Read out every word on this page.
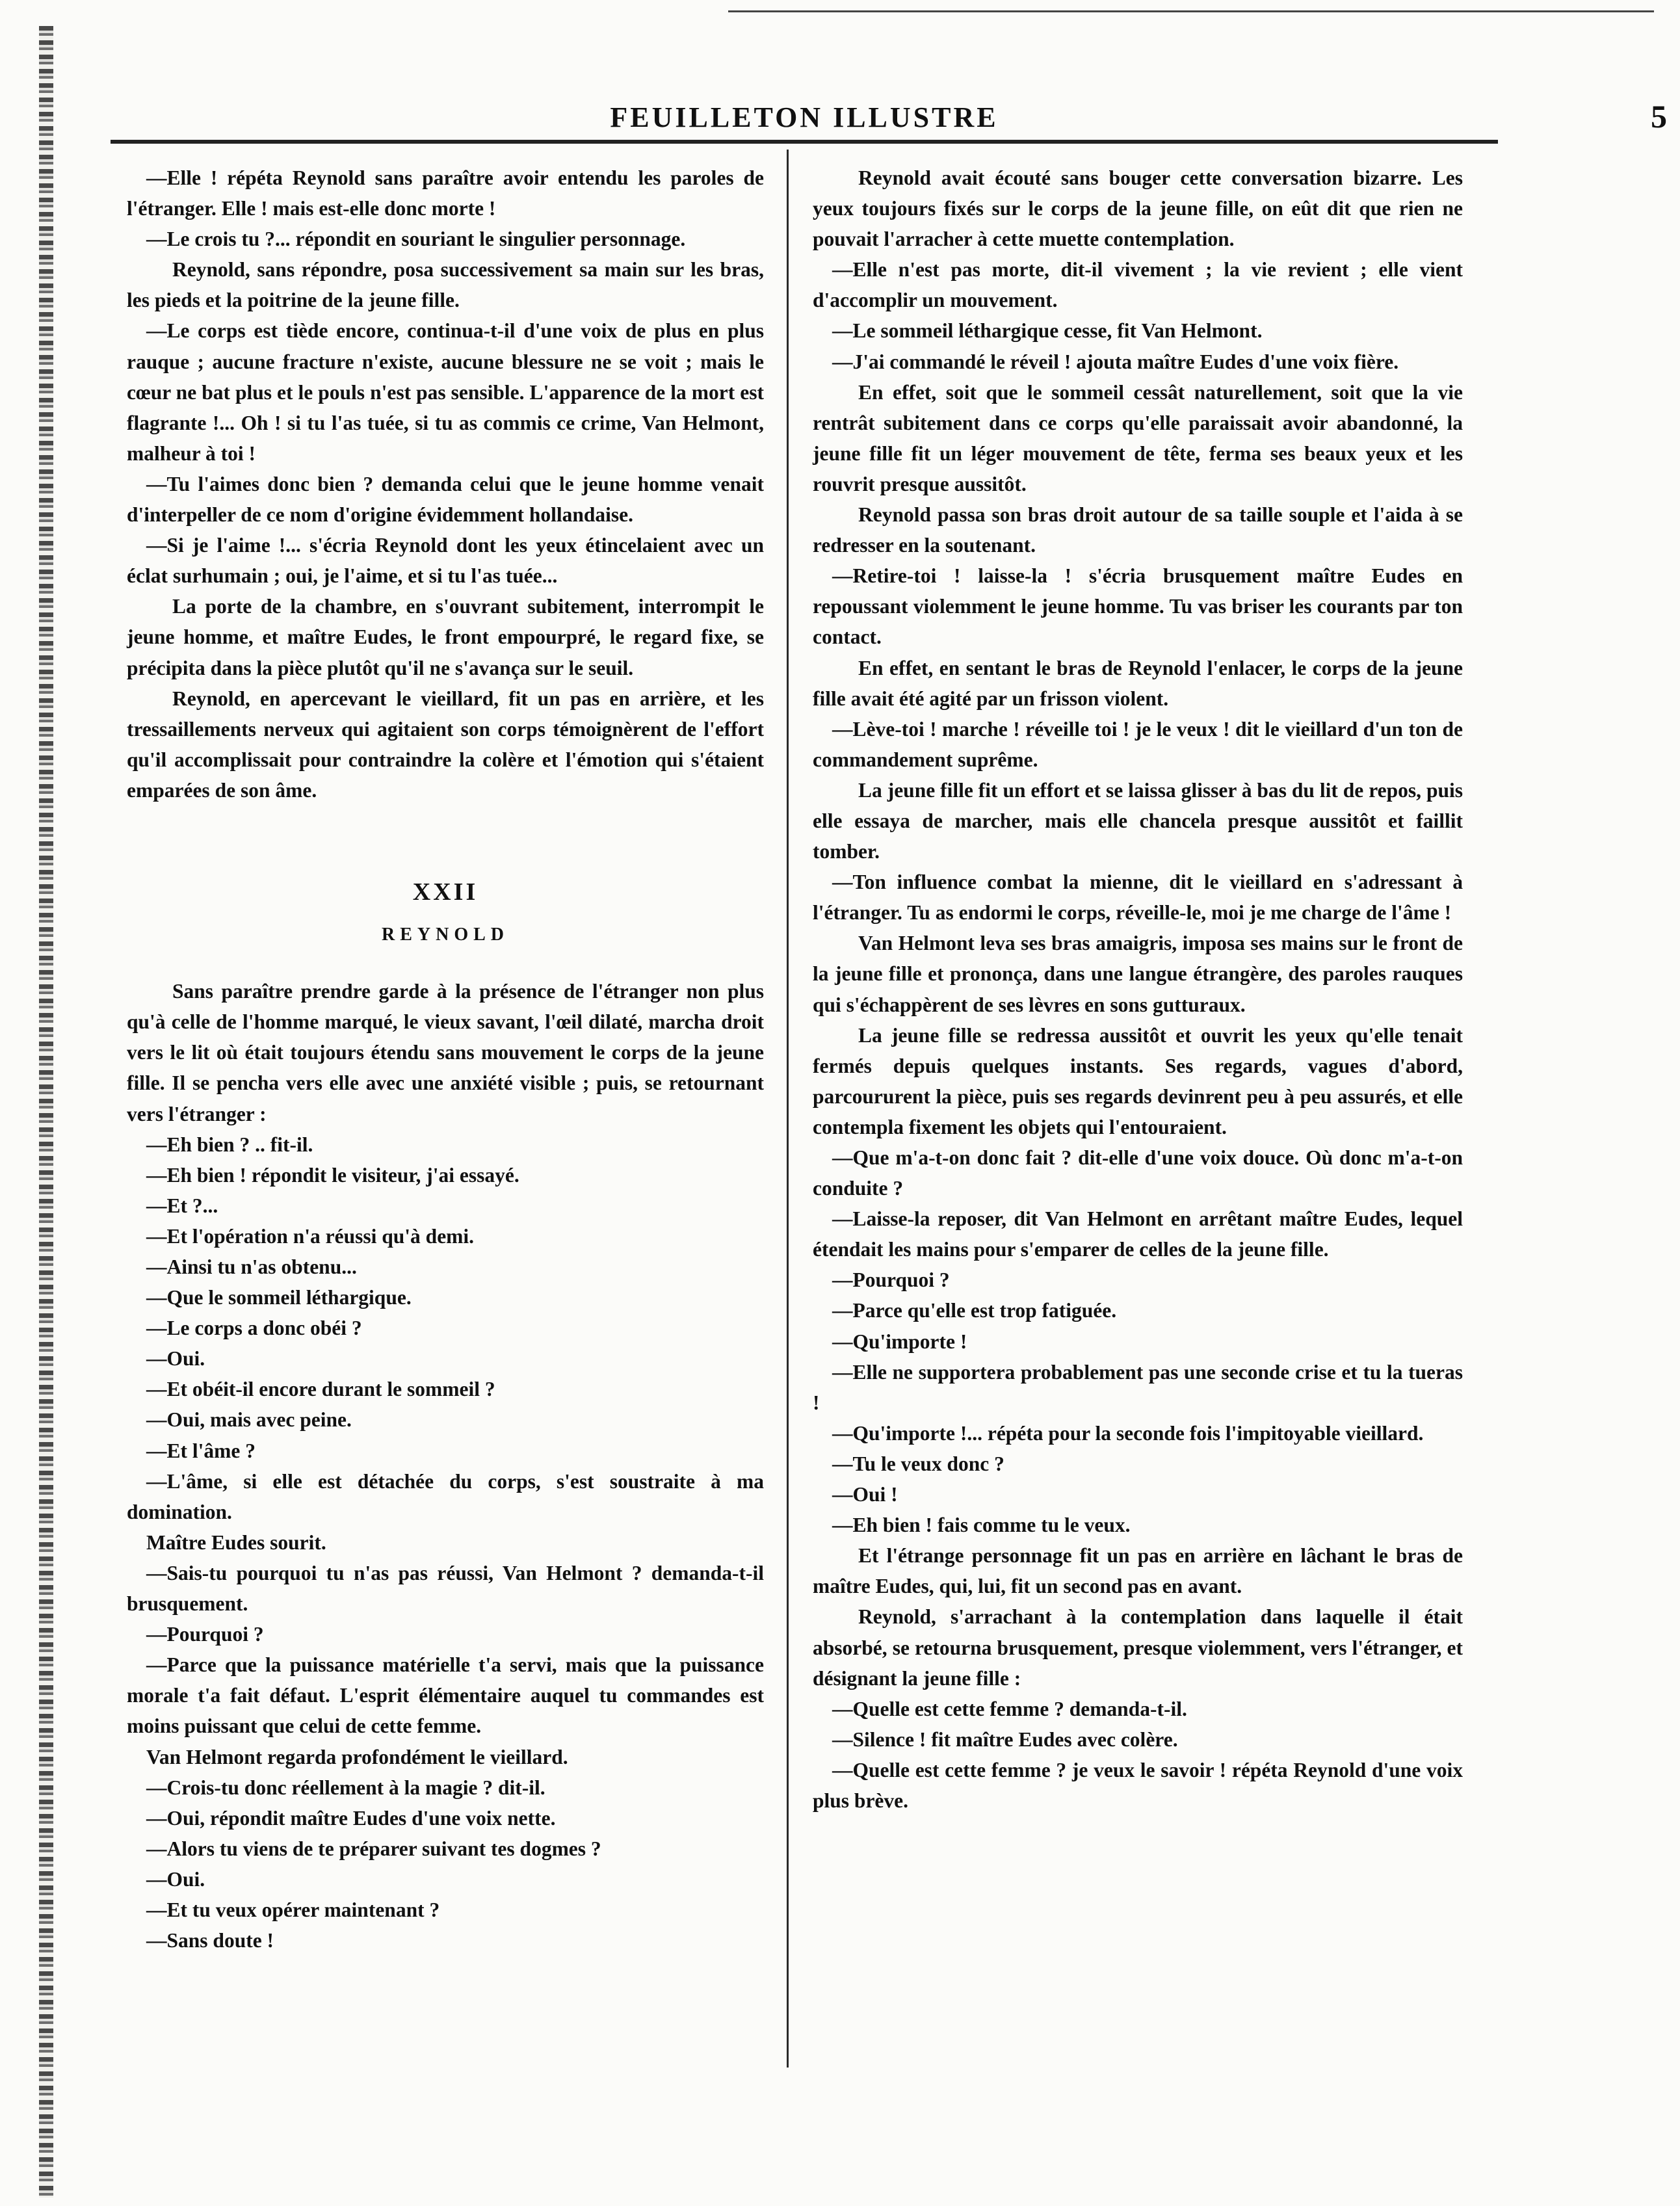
FEUILLETON ILLUSTRE	5

—Elle ! répéta Reynold sans paraître avoir entendu les paroles de l'étranger. Elle ! mais est-elle donc morte !

—Le crois tu ?... répondit en souriant le singulier personnage.

Reynold, sans répondre, posa successivement sa main sur les bras, les pieds et la poitrine de la jeune fille.

—Le corps est tiède encore, continua-t-il d'une voix de plus en plus rauque ; aucune fracture n'existe, aucune blessure ne se voit ; mais le cœur ne bat plus et le pouls n'est pas sensible. L'apparence de la mort est flagrante !... Oh ! si tu l'as tuée, si tu as commis ce crime, Van Helmont, malheur à toi !

—Tu l'aimes donc bien ? demanda celui que le jeune homme venait d'interpeller de ce nom d'origine évidemment hollandaise.

—Si je l'aime !... s'écria Reynold dont les yeux étincelaient avec un éclat surhumain ; oui, je l'aime, et si tu l'as tuée...

La porte de la chambre, en s'ouvrant subitement, interrompit le jeune homme, et maître Eudes, le front empourpré, le regard fixe, se précipita dans la pièce plutôt qu'il ne s'avança sur le seuil.

Reynold, en apercevant le vieillard, fit un pas en arrière, et les tressaillements nerveux qui agitaient son corps témoignèrent de l'effort qu'il accomplissait pour contraindre la colère et l'émotion qui s'étaient emparées de son âme.

XXII
REYNOLD

Sans paraître prendre garde à la présence de l'étranger non plus qu'à celle de l'homme marqué, le vieux savant, l'œil dilaté, marcha droit vers le lit où était toujours étendu sans mouvement le corps de la jeune fille. Il se pencha vers elle avec une anxiété visible ; puis, se retournant vers l'étranger :

—Eh bien ? .. fit-il.

—Eh bien ! répondit le visiteur, j'ai essayé.

—Et ?...

—Et l'opération n'a réussi qu'à demi.

—Ainsi tu n'as obtenu...

—Que le sommeil léthargique.

—Le corps a donc obéi ?

—Oui.

—Et obéit-il encore durant le sommeil ?

—Oui, mais avec peine.

—Et l'âme ?

—L'âme, si elle est détachée du corps, s'est soustraite à ma domination.

Maître Eudes sourit.

—Sais-tu pourquoi tu n'as pas réussi, Van Helmont ? demanda-t-il brusquement.

—Pourquoi ?

—Parce que la puissance matérielle t'a servi, mais que la puissance morale t'a fait défaut. L'esprit élémentaire auquel tu commandes est moins puissant que celui de cette femme.

Van Helmont regarda profondément le vieillard.

—Crois-tu donc réellement à la magie ? dit-il.

—Oui, répondit maître Eudes d'une voix nette.

—Alors tu viens de te préparer suivant tes dogmes ?

—Oui.

—Et tu veux opérer maintenant ?

—Sans doute !

Reynold avait écouté sans bouger cette conversation bizarre. Les yeux toujours fixés sur le corps de la jeune fille, on eût dit que rien ne pouvait l'arracher à cette muette contemplation.

—Elle n'est pas morte, dit-il vivement ; la vie revient ; elle vient d'accomplir un mouvement.

—Le sommeil léthargique cesse, fit Van Helmont.

—J'ai commandé le réveil ! ajouta maître Eudes d'une voix fière.

En effet, soit que le sommeil cessât naturellement, soit que la vie rentrât subitement dans ce corps qu'elle paraissait avoir abandonné, la jeune fille fit un léger mouvement de tête, ferma ses beaux yeux et les rouvrit presque aussitôt.

Reynold passa son bras droit autour de sa taille souple et l'aida à se redresser en la soutenant.

—Retire-toi ! laisse-la ! s'écria brusquement maître Eudes en repoussant violemment le jeune homme. Tu vas briser les courants par ton contact.

En effet, en sentant le bras de Reynold l'enlacer, le corps de la jeune fille avait été agité par un frisson violent.

—Lève-toi ! marche ! réveille toi ! je le veux ! dit le vieillard d'un ton de commandement suprême.

La jeune fille fit un effort et se laissa glisser à bas du lit de repos, puis elle essaya de marcher, mais elle chancela presque aussitôt et faillit tomber.

—Ton influence combat la mienne, dit le vieillard en s'adressant à l'étranger. Tu as endormi le corps, réveille-le, moi je me charge de l'âme !

Van Helmont leva ses bras amaigris, imposa ses mains sur le front de la jeune fille et prononça, dans une langue étrangère, des paroles rauques qui s'échappèrent de ses lèvres en sons gutturaux.

La jeune fille se redressa aussitôt et ouvrit les yeux qu'elle tenait fermés depuis quelques instants. Ses regards, vagues d'abord, parcoururent la pièce, puis ses regards devinrent peu à peu assurés, et elle contempla fixement les objets qui l'entouraient.

—Que m'a-t-on donc fait ? dit-elle d'une voix douce. Où donc m'a-t-on conduite ?

—Laisse-la reposer, dit Van Helmont en arrêtant maître Eudes, lequel étendait les mains pour s'emparer de celles de la jeune fille.

—Pourquoi ?

—Parce qu'elle est trop fatiguée.

—Qu'importe !

—Elle ne supportera probablement pas une seconde crise et tu la tueras !

—Qu'importe !... répéta pour la seconde fois l'impitoyable vieillard.

—Tu le veux donc ?

—Oui !

—Eh bien ! fais comme tu le veux.

Et l'étrange personnage fit un pas en arrière en lâchant le bras de maître Eudes, qui, lui, fit un second pas en avant.

Reynold, s'arrachant à la contemplation dans laquelle il était absorbé, se retourna brusquement, presque violemment, vers l'étranger, et désignant la jeune fille :

—Quelle est cette femme ? demanda-t-il.

—Silence ! fit maître Eudes avec colère.

—Quelle est cette femme ? je veux le savoir ! répéta Reynold d'une voix plus brève.
